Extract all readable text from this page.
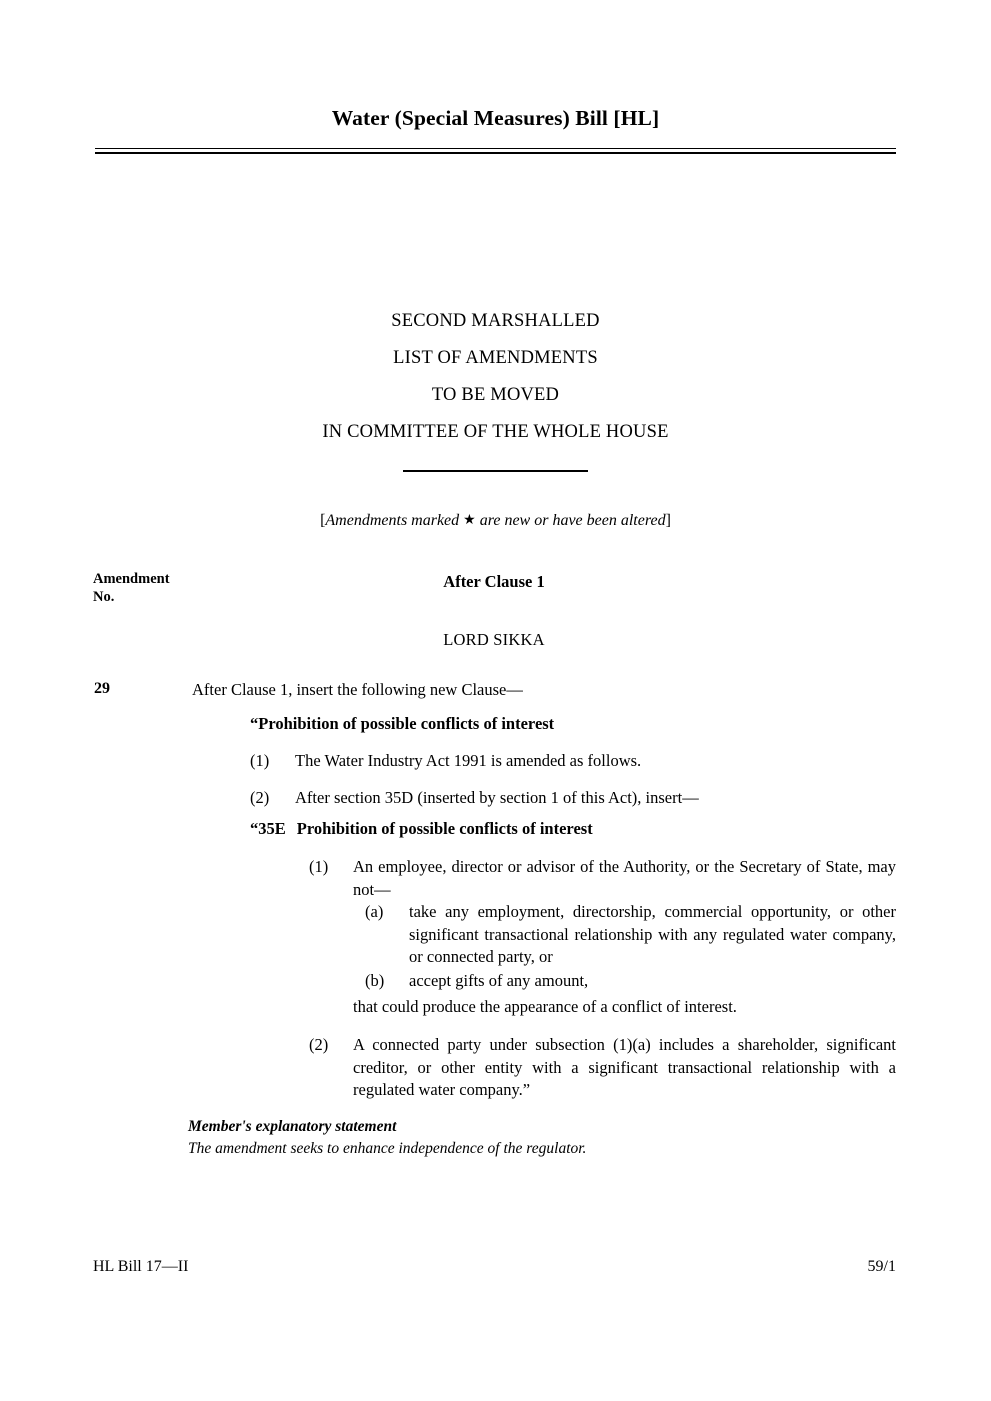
Water (Special Measures) Bill [HL]
SECOND MARSHALLED
LIST OF AMENDMENTS
TO BE MOVED
IN COMMITTEE OF THE WHOLE HOUSE
[Amendments marked ★ are new or have been altered]
Amendment
No.
After Clause 1
LORD SIKKA
29	After Clause 1, insert the following new Clause—
“Prohibition of possible conflicts of interest
(1) The Water Industry Act 1991 is amended as follows.
(2) After section 35D (inserted by section 1 of this Act), insert—
“35E Prohibition of possible conflicts of interest
(1) An employee, director or advisor of the Authority, or the Secretary of State, may not—
(a) take any employment, directorship, commercial opportunity, or other significant transactional relationship with any regulated water company, or connected party, or
(b) accept gifts of any amount,
that could produce the appearance of a conflict of interest.
(2) A connected party under subsection (1)(a) includes a shareholder, significant creditor, or other entity with a significant transactional relationship with a regulated water company.”
Member's explanatory statement
The amendment seeks to enhance independence of the regulator.
HL Bill 17—II	59/1
